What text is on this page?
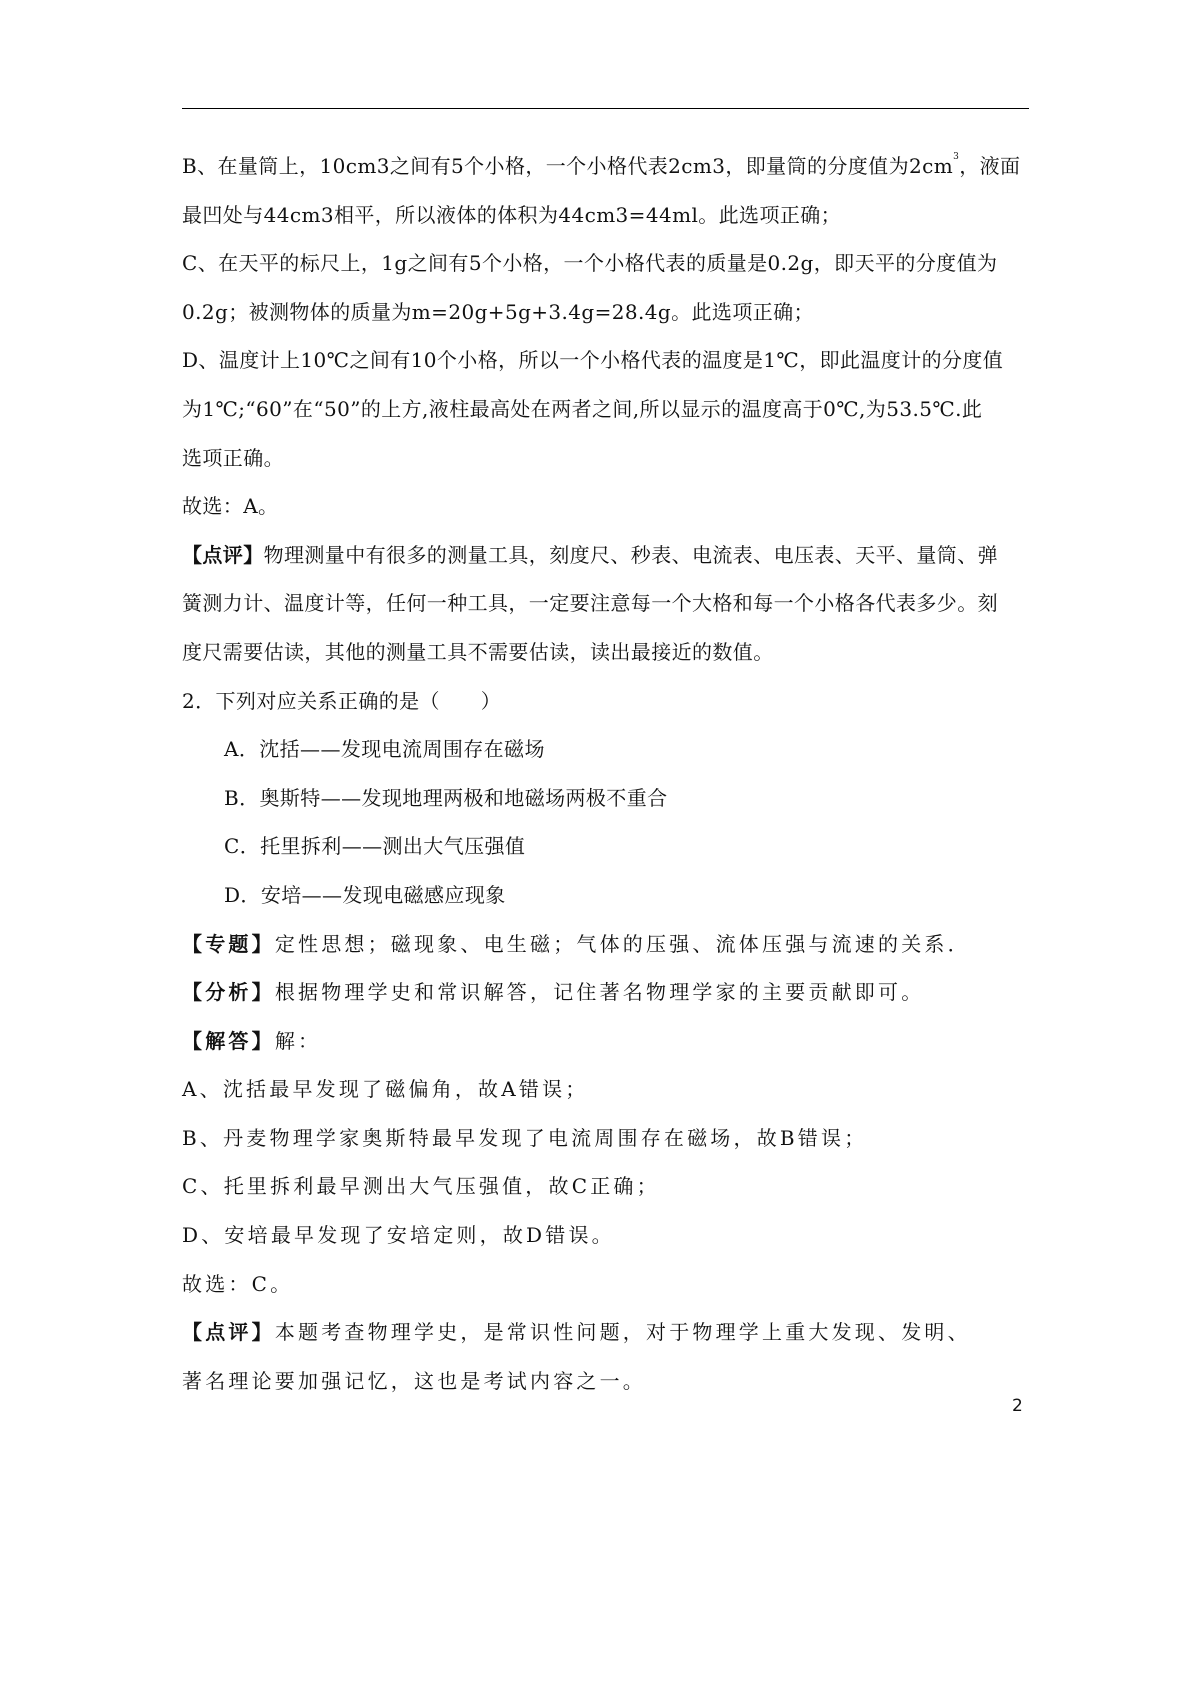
B、在量筒上，10cm3之间有5个小格，一个小格代表2cm3，即量筒的分度值为$2cm^3$，液面
最凹处与44cm3相平，所以液体的体积为44cm3=44ml。此选项正确；
C、在天平的标尺上，1g之间有5个小格，一个小格代表的质量是0.2g，即天平的分度值为
0.2g；被测物体的质量为m=20g+5g+3.4g=28.4g。此选项正确；
D、温度计上10℃之间有10个小格，所以一个小格代表的温度是1℃，即此温度计的分度值
为1℃;“60”在“50”的上方,液柱最高处在两者之间,所以显示的温度高于0℃,为53.5℃.此
选项正确。
故选：A。
【点评】物理测量中有很多的测量工具，刻度尺、秒表、电流表、电压表、天平、量筒、弹
簧测力计、温度计等，任何一种工具，一定要注意每一个大格和每一个小格各代表多少。刻
度尺需要估读，其他的测量工具不需要估读，读出最接近的数值。
2．下列对应关系正确的是（　　）
A．沈括——发现电流周围存在磁场
B．奥斯特——发现地理两极和地磁场两极不重合
C．托里拆利——测出大气压强值
D．安培——发现电磁感应现象
【专题】定性思想；磁现象、电生磁；气体的压强、流体压强与流速的关系．
【分析】根据物理学史和常识解答，记住著名物理学家的主要贡献即可。
【解答】解：
A、沈括最早发现了磁偏角，故A错误；
B、丹麦物理学家奥斯特最早发现了电流周围存在磁场，故B错误；
C、托里拆利最早测出大气压强值，故C正确；
D、安培最早发现了安培定则，故D错误。
故选：C。
【点评】本题考查物理学史，是常识性问题，对于物理学上重大发现、发明、
著名理论要加强记忆，这也是考试内容之一。
2
